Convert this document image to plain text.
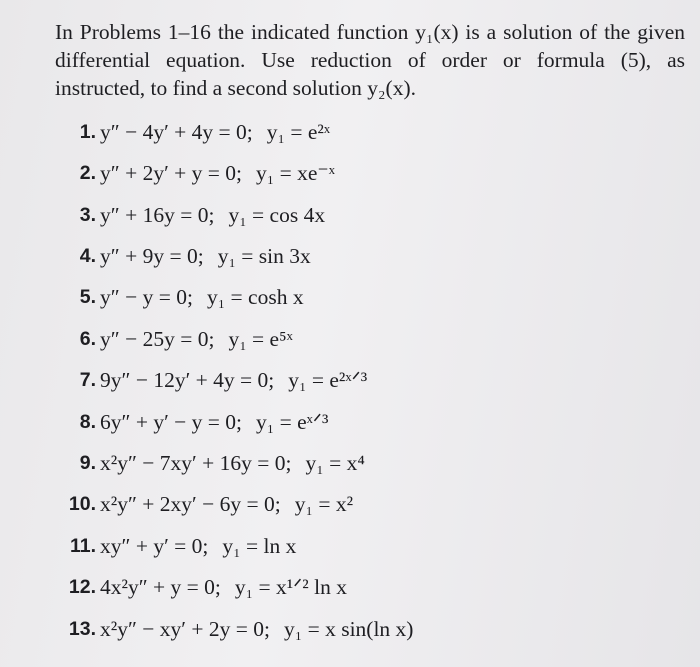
In Problems 1–16 the indicated function y₁(x) is a solution of the given differential equation. Use reduction of order or formula (5), as instructed, to find a second solution y₂(x).

1. y″ − 4y′ + 4y = 0; y₁ = e²ˣ
2. y″ + 2y′ + y = 0; y₁ = xe⁻ˣ
3. y″ + 16y = 0; y₁ = cos 4x
4. y″ + 9y = 0; y₁ = sin 3x
5. y″ − y = 0; y₁ = cosh x
6. y″ − 25y = 0; y₁ = e⁵ˣ
7. 9y″ − 12y′ + 4y = 0; y₁ = e²ˣᐟ³
8. 6y″ + y′ − y = 0; y₁ = eˣᐟ³
9. x²y″ − 7xy′ + 16y = 0; y₁ = x⁴
10. x²y″ + 2xy′ − 6y = 0; y₁ = x²
11. xy″ + y′ = 0; y₁ = ln x
12. 4x²y″ + y = 0; y₁ = x¹ᐟ² ln x
13. x²y″ − xy′ + 2y = 0; y₁ = x sin(ln x)
